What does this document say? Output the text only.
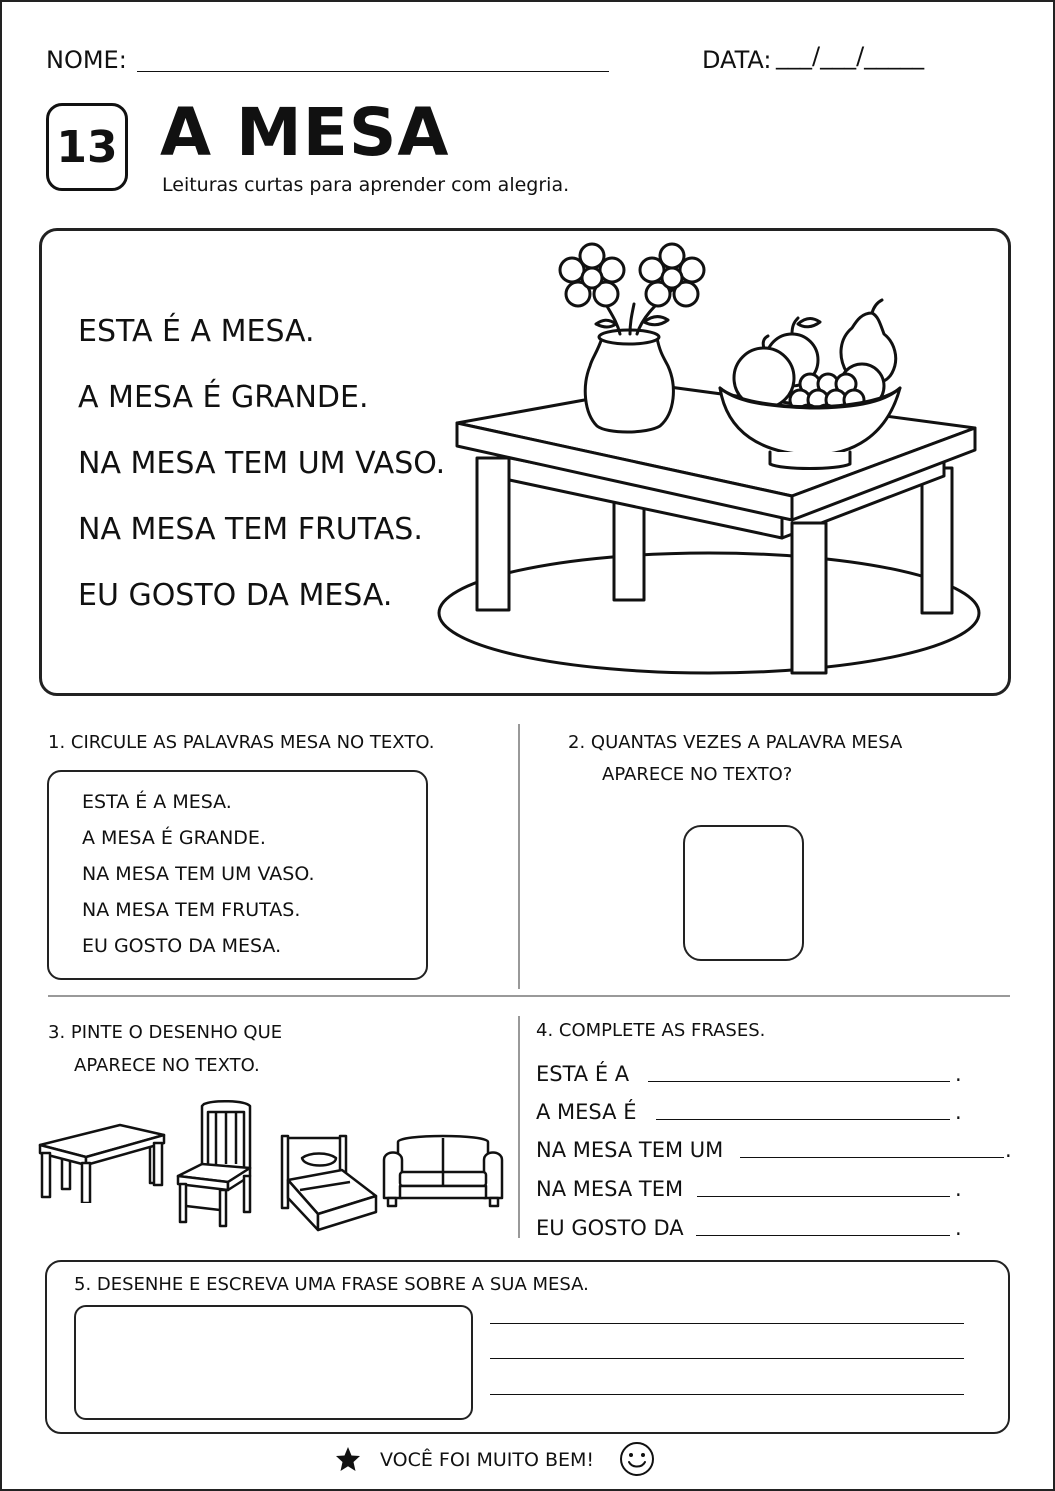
NOME:	DATA: ___/___/_____
13 A MESA
Leituras curtas para aprender com alegria.
ESTA É A MESA.
A MESA É GRANDE.
NA MESA TEM UM VASO.
NA MESA TEM FRUTAS.
EU GOSTO DA MESA.
1. CIRCULE AS PALAVRAS MESA NO TEXTO.
ESTA É A MESA.
A MESA É GRANDE.
NA MESA TEM UM VASO.
NA MESA TEM FRUTAS.
EU GOSTO DA MESA.
2. QUANTAS VEZES A PALAVRA MESA
APARECE NO TEXTO?
3. PINTE O DESENHO QUE
APARECE NO TEXTO.
4. COMPLETE AS FRASES.
ESTA É A	.
A MESA É	.
NA MESA TEM UM	.
NA MESA TEM	.
EU GOSTO DA	.
5. DESENHE E ESCREVA UMA FRASE SOBRE A SUA MESA.
VOCÊ FOI MUITO BEM!
